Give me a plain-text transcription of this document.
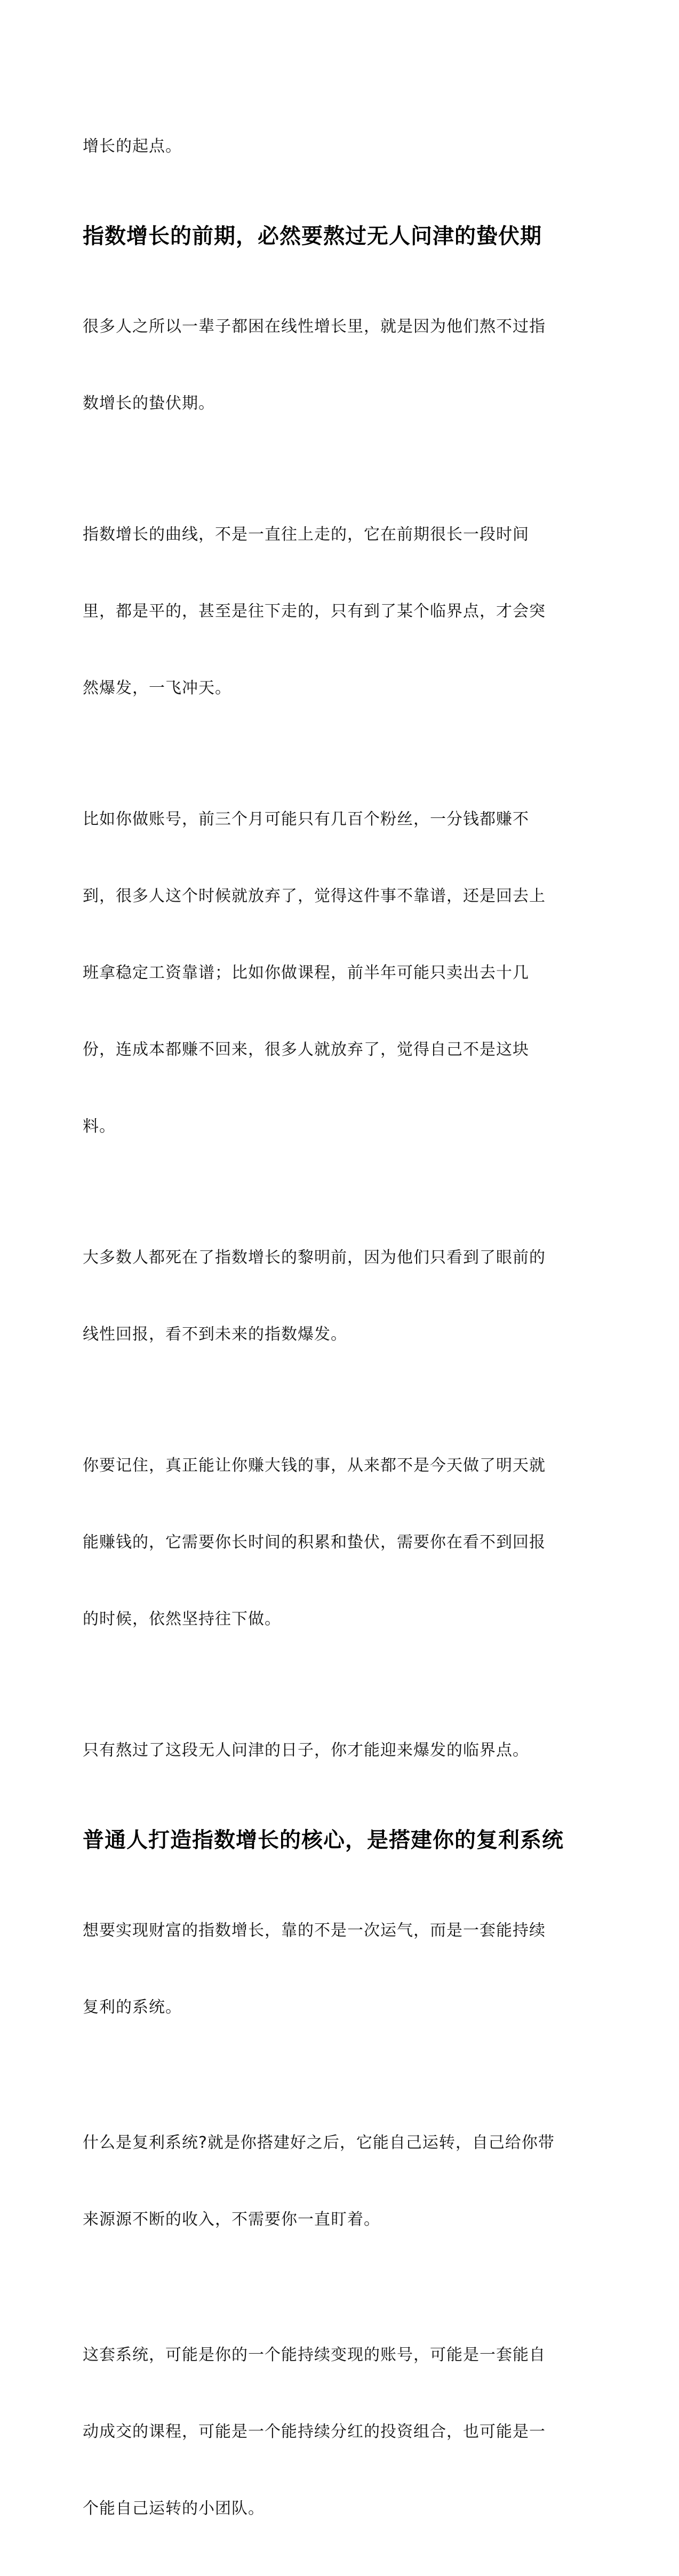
增长的起点。

指数增长的前期，必然要熬过无人问津的蛰伏期

很多人之所以一辈子都困在线性增长里，就是因为他们熬不过指

数增长的蛰伏期。

指数增长的曲线，不是一直往上走的，它在前期很长一段时间

里，都是平的，甚至是往下走的，只有到了某个临界点，才会突

然爆发，一飞冲天。

比如你做账号，前三个月可能只有几百个粉丝，一分钱都赚不

到，很多人这个时候就放弃了，觉得这件事不靠谱，还是回去上

班拿稳定工资靠谱；比如你做课程，前半年可能只卖出去十几

份，连成本都赚不回来，很多人就放弃了，觉得自己不是这块

料。

大多数人都死在了指数增长的黎明前，因为他们只看到了眼前的

线性回报，看不到未来的指数爆发。

你要记住，真正能让你赚大钱的事，从来都不是今天做了明天就

能赚钱的，它需要你长时间的积累和蛰伏，需要你在看不到回报

的时候，依然坚持往下做。

只有熬过了这段无人问津的日子，你才能迎来爆发的临界点。

普通人打造指数增长的核心，是搭建你的复利系统

想要实现财富的指数增长，靠的不是一次运气，而是一套能持续

复利的系统。

什么是复利系统?就是你搭建好之后，它能自己运转，自己给你带

来源源不断的收入，不需要你一直盯着。

这套系统，可能是你的一个能持续变现的账号，可能是一套能自

动成交的课程，可能是一个能持续分红的投资组合，也可能是一

个能自己运转的小团队。
